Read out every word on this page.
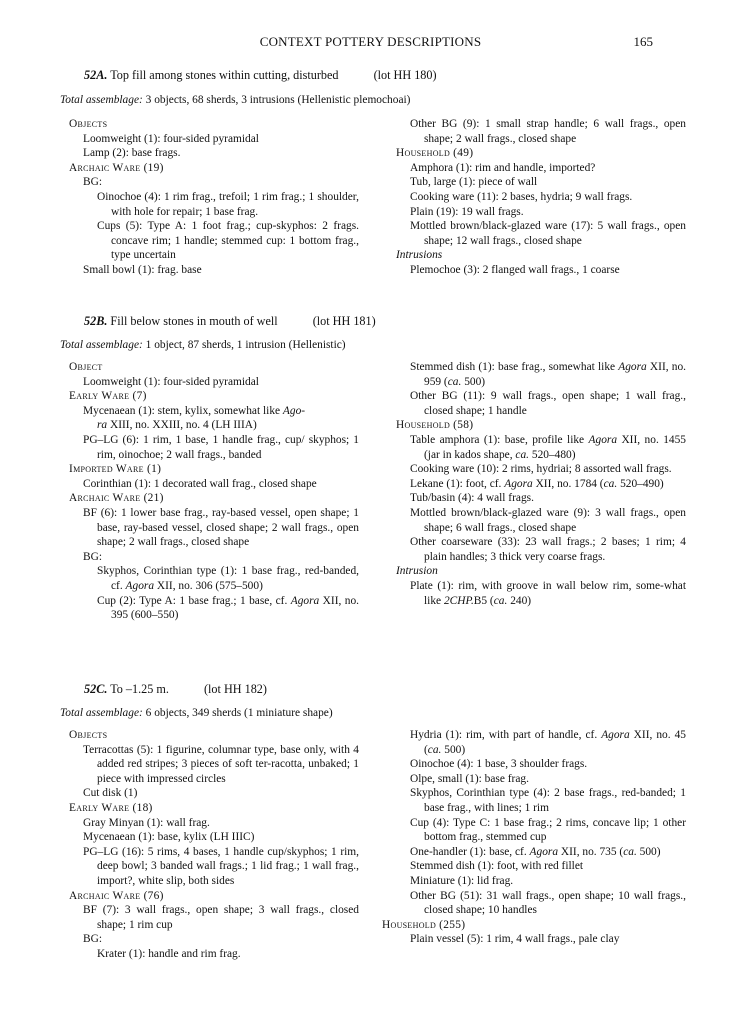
CONTEXT POTTERY DESCRIPTIONS	165
52A. Top fill among stones within cutting, disturbed	(lot HH 180)
Total assemblage: 3 objects, 68 sherds, 3 intrusions (Hellenistic plemochoai)

Objects

Loomweight (1): four-sided pyramidal

Lamp (2): base frags.

Archaic Ware (19)

BG:

Oinochoe (4): 1 rim frag., trefoil; 1 rim frag.; 1 shoulder, with hole for repair; 1 base frag.

Cups (5): Type A: 1 foot frag.; cup-skyphos: 2 frags. concave rim; 1 handle; stemmed cup: 1 bottom frag., type uncertain

Small bowl (1): frag. base

Other BG (9): 1 small strap handle; 6 wall frags., open shape; 2 wall frags., closed shape

Household (49)

Amphora (1): rim and handle, imported?

Tub, large (1): piece of wall

Cooking ware (11): 2 bases, hydria; 9 wall frags.

Plain (19): 19 wall frags.

Mottled brown/black-glazed ware (17): 5 wall frags., open shape; 12 wall frags., closed shape

Intrusions

Plemochoe (3): 2 flanged wall frags., 1 coarse

52B. Fill below stones in mouth of well	(lot HH 181)
Total assemblage: 1 object, 87 sherds, 1 intrusion (Hellenistic)

Object

Loomweight (1): four-sided pyramidal

Early Ware (7)

Mycenaean (1): stem, kylix, somewhat like Ago-
ra XIII, no. XXIII, no. 4 (LH IIIA)

PG–LG (6): 1 rim, 1 base, 1 handle frag., cup/ skyphos; 1 rim, oinochoe; 2 wall frags., banded

Imported Ware (1)

Corinthian (1): 1 decorated wall frag., closed shape

Archaic Ware (21)

BF (6): 1 lower base frag., ray-based vessel, open shape; 1 base, ray-based vessel, closed shape; 2 wall frags., open shape; 2 wall frags., closed shape

BG:

Skyphos, Corinthian type (1): 1 base frag., red-banded, cf. Agora XII, no. 306 (575–500)

Cup (2): Type A: 1 base frag.; 1 base, cf. Agora XII, no. 395 (600–550)

Stemmed dish (1): base frag., somewhat like Agora XII, no. 959 (ca. 500)

Other BG (11): 9 wall frags., open shape; 1 wall frag., closed shape; 1 handle

Household (58)

Table amphora (1): base, profile like Agora XII, no. 1455 (jar in kados shape, ca. 520–480)

Cooking ware (10): 2 rims, hydriai; 8 assorted wall frags.

Lekane (1): foot, cf. Agora XII, no. 1784 (ca. 520–490)

Tub/basin (4): 4 wall frags.

Mottled brown/black-glazed ware (9): 3 wall frags., open shape; 6 wall frags., closed shape

Other coarseware (33): 23 wall frags.; 2 bases; 1 rim; 4 plain handles; 3 thick very coarse frags.

Intrusion

Plate (1): rim, with groove in wall below rim, some-what like 2CHP.B5 (ca. 240)

52C. To –1.25 m.	(lot HH 182)
Total assemblage: 6 objects, 349 sherds (1 miniature shape)

Objects

Terracottas (5): 1 figurine, columnar type, base only, with 4 added red stripes; 3 pieces of soft ter-racotta, unbaked; 1 piece with impressed circles

Cut disk (1)

Early Ware (18)

Gray Minyan (1): wall frag.

Mycenaean (1): base, kylix (LH IIIC)

PG–LG (16): 5 rims, 4 bases, 1 handle cup/skyphos; 1 rim, deep bowl; 3 banded wall frags.; 1 lid frag.; 1 wall frag., import?, white slip, both sides

Archaic Ware (76)

BF (7): 3 wall frags., open shape; 3 wall frags., closed shape; 1 rim cup

BG:

Krater (1): handle and rim frag.

Hydria (1): rim, with part of handle, cf. Agora XII, no. 45 (ca. 500)

Oinochoe (4): 1 base, 3 shoulder frags.

Olpe, small (1): base frag.

Skyphos, Corinthian type (4): 2 base frags., red-banded; 1 base frag., with lines; 1 rim

Cup (4): Type C: 1 base frag.; 2 rims, concave lip; 1 other bottom frag., stemmed cup

One-handler (1): base, cf. Agora XII, no. 735 (ca. 500)

Stemmed dish (1): foot, with red fillet

Miniature (1): lid frag.

Other BG (51): 31 wall frags., open shape; 10 wall frags., closed shape; 10 handles

Household (255)

Plain vessel (5): 1 rim, 4 wall frags., pale clay
